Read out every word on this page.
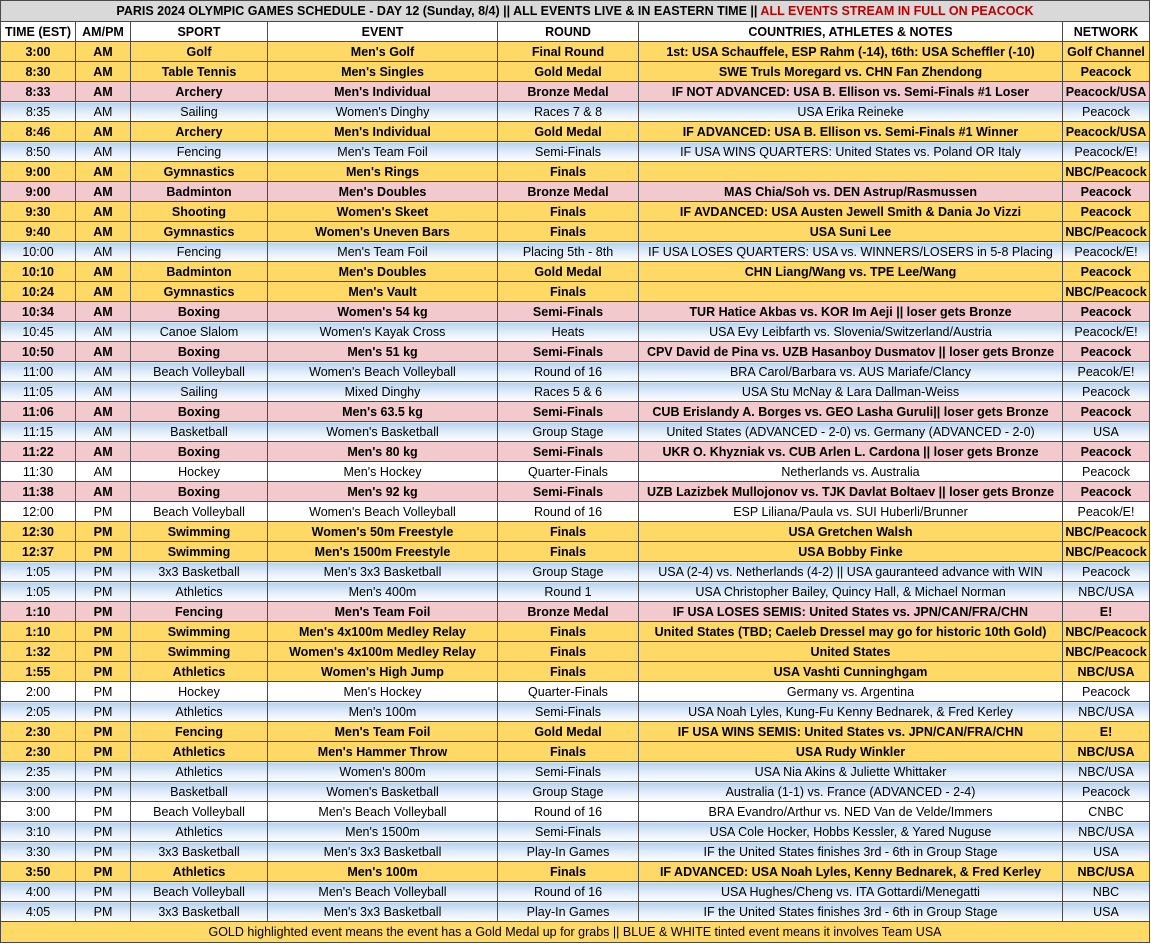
PARIS 2024 OLYMPIC GAMES SCHEDULE - DAY 12 (Sunday, 8/4) || ALL EVENTS LIVE & IN EASTERN TIME || ALL EVENTS STREAM IN FULL ON PEACOCK						
TIME (EST)	AM/PM	SPORT	EVENT	ROUND	COUNTRIES, ATHLETES & NOTES	NETWORK
3:00	AM	Golf	Men's Golf	Final Round	1st: USA Schauffele, ESP Rahm (-14), t6th: USA Scheffler (-10)	Golf Channel
8:30	AM	Table Tennis	Men's Singles	Gold Medal	SWE Truls Moregard vs. CHN Fan Zhendong	Peacock
8:33	AM	Archery	Men's Individual	Bronze Medal	IF NOT ADVANCED: USA B. Ellison vs. Semi-Finals #1 Loser	Peacock/USA
8:35	AM	Sailing	Women's Dinghy	Races 7 & 8	USA Erika Reineke	Peacock
8:46	AM	Archery	Men's Individual	Gold Medal	IF ADVANCED: USA B. Ellison vs. Semi-Finals #1 Winner	Peacock/USA
8:50	AM	Fencing	Men's Team Foil	Semi-Finals	IF USA WINS QUARTERS: United States vs. Poland OR Italy	Peacock/E!
9:00	AM	Gymnastics	Men's Rings	Finals		NBC/Peacock
9:00	AM	Badminton	Men's Doubles	Bronze Medal	MAS Chia/Soh vs. DEN Astrup/Rasmussen	Peacock
9:30	AM	Shooting	Women's Skeet	Finals	IF AVDANCED: USA Austen Jewell Smith & Dania Jo Vizzi	Peacock
9:40	AM	Gymnastics	Women's Uneven Bars	Finals	USA Suni Lee	NBC/Peacock
10:00	AM	Fencing	Men's Team Foil	Placing 5th - 8th	IF USA LOSES QUARTERS: USA vs. WINNERS/LOSERS in 5-8 Placing	Peacock/E!
10:10	AM	Badminton	Men's Doubles	Gold Medal	CHN Liang/Wang vs. TPE Lee/Wang	Peacock
10:24	AM	Gymnastics	Men's Vault	Finals		NBC/Peacock
10:34	AM	Boxing	Women's 54 kg	Semi-Finals	TUR Hatice Akbas vs. KOR Im Aeji || loser gets Bronze	Peacock
10:45	AM	Canoe Slalom	Women's Kayak Cross	Heats	USA Evy Leibfarth vs. Slovenia/Switzerland/Austria	Peacock/E!
10:50	AM	Boxing	Men's 51 kg	Semi-Finals	CPV David de Pina vs. UZB Hasanboy Dusmatov || loser gets Bronze	Peacock
11:00	AM	Beach Volleyball	Women's Beach Volleyball	Round of 16	BRA Carol/Barbara vs. AUS Mariafe/Clancy	Peacok/E!
11:05	AM	Sailing	Mixed Dinghy	Races 5 & 6	USA Stu McNay & Lara Dallman-Weiss	Peacock
11:06	AM	Boxing	Men's 63.5 kg	Semi-Finals	CUB Erislandy A. Borges vs. GEO Lasha Guruli|| loser gets Bronze	Peacock
11:15	AM	Basketball	Women's Basketball	Group Stage	United States (ADVANCED - 2-0) vs. Germany (ADVANCED - 2-0)	USA
11:22	AM	Boxing	Men's 80 kg	Semi-Finals	UKR O. Khyzniak vs. CUB Arlen L. Cardona || loser gets Bronze	Peacock
11:30	AM	Hockey	Men's Hockey	Quarter-Finals	Netherlands vs. Australia	Peacock
11:38	AM	Boxing	Men's 92 kg	Semi-Finals	UZB Lazizbek Mullojonov vs. TJK Davlat Boltaev || loser gets Bronze	Peacock
12:00	PM	Beach Volleyball	Women's Beach Volleyball	Round of 16	ESP Liliana/Paula vs. SUI Huberli/Brunner	Peacok/E!
12:30	PM	Swimming	Women's 50m Freestyle	Finals	USA Gretchen Walsh	NBC/Peacock
12:37	PM	Swimming	Men's 1500m Freestyle	Finals	USA Bobby Finke	NBC/Peacock
1:05	PM	3x3 Basketball	Men's 3x3 Basketball	Group Stage	USA (2-4) vs. Netherlands (4-2) || USA gauranteed advance with WIN	Peacock
1:05	PM	Athletics	Men's 400m	Round 1	USA Christopher Bailey, Quincy Hall, & Michael Norman	NBC/USA
1:10	PM	Fencing	Men's Team Foil	Bronze Medal	IF USA LOSES SEMIS: United States vs. JPN/CAN/FRA/CHN	E!
1:10	PM	Swimming	Men's 4x100m Medley Relay	Finals	United States (TBD; Caeleb Dressel may go for historic 10th Gold)	NBC/Peacock
1:32	PM	Swimming	Women's 4x100m Medley Relay	Finals	United States	NBC/Peacock
1:55	PM	Athletics	Women's High Jump	Finals	USA Vashti Cunninghgam	NBC/USA
2:00	PM	Hockey	Men's Hockey	Quarter-Finals	Germany vs. Argentina	Peacock
2:05	PM	Athletics	Men's 100m	Semi-Finals	USA Noah Lyles, Kung-Fu Kenny Bednarek, & Fred Kerley	NBC/USA
2:30	PM	Fencing	Men's Team Foil	Gold Medal	IF USA WINS SEMIS: United States vs. JPN/CAN/FRA/CHN	E!
2:30	PM	Athletics	Men's Hammer Throw	Finals	USA Rudy Winkler	NBC/USA
2:35	PM	Athletics	Women's 800m	Semi-Finals	USA Nia Akins & Juliette Whittaker	NBC/USA
3:00	PM	Basketball	Women's Basketball	Group Stage	Australia (1-1) vs. France (ADVANCED - 2-4)	Peacock
3:00	PM	Beach Volleyball	Men's Beach Volleyball	Round of 16	BRA Evandro/Arthur vs. NED Van de Velde/Immers	CNBC
3:10	PM	Athletics	Men's 1500m	Semi-Finals	USA Cole Hocker, Hobbs Kessler, & Yared Nuguse	NBC/USA
3:30	PM	3x3 Basketball	Men's 3x3 Basketball	Play-In Games	IF the United States finishes 3rd - 6th in Group Stage	USA
3:50	PM	Athletics	Men's 100m	Finals	IF ADVANCED: USA Noah Lyles, Kenny Bednarek, & Fred Kerley	NBC/USA
4:00	PM	Beach Volleyball	Men's Beach Volleyball	Round of 16	USA Hughes/Cheng vs. ITA Gottardi/Menegatti	NBC
4:05	PM	3x3 Basketball	Men's 3x3 Basketball	Play-In Games	IF the United States finishes 3rd - 6th in Group Stage	USA
GOLD highlighted event means the event has a Gold Medal up for grabs || BLUE & WHITE tinted event means it involves Team USA						
